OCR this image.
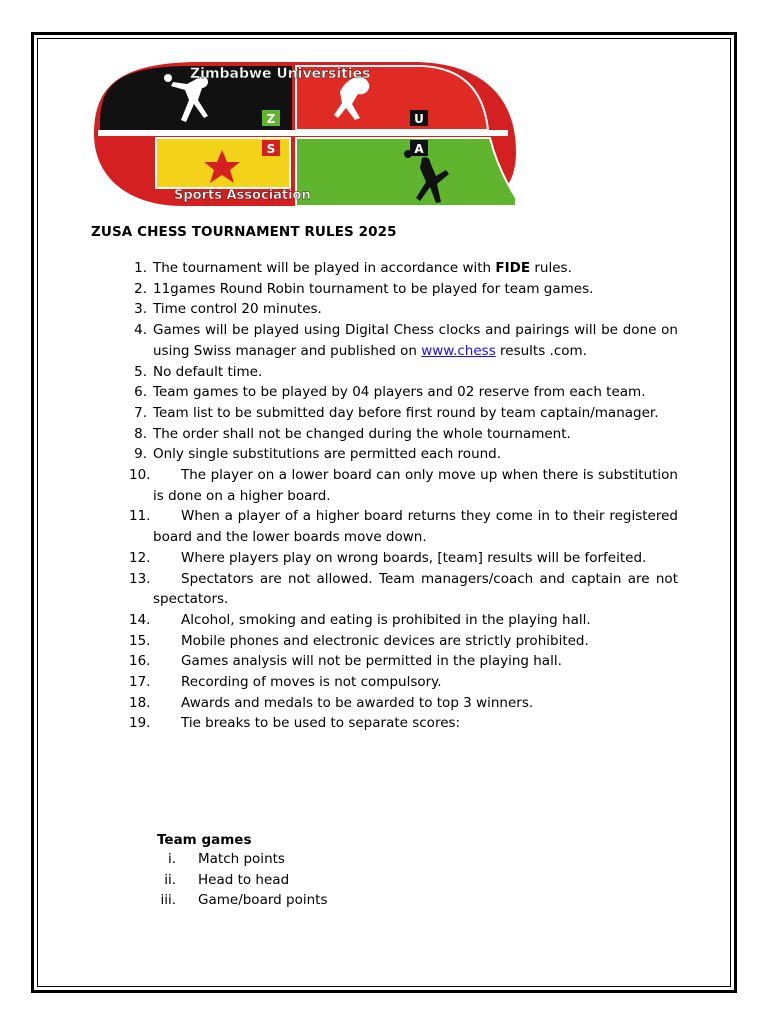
Z	U
S	A
Zimbabwe Universities
Sports Association
ZUSA CHESS TOURNAMENT RULES 2025
1. The tournament will be played in accordance with FIDE rules.
2. 11games Round Robin tournament to be played for team games.
3. Time control 20 minutes.
4. Games will be played using Digital Chess clocks and pairings will be done on using Swiss manager and published on www.chess results .com.
5. No default time.
6. Team games to be played by 04 players and 02 reserve from each team.
7. Team list to be submitted day before first round by team captain/manager.
8. The order shall not be changed during the whole tournament.
9. Only single substitutions are permitted each round.
10.	The player on a lower board can only move up when there is substitution is done on a higher board.
11.	When a player of a higher board returns they come in to their registered board and the lower boards move down.
12.	Where players play on wrong boards, [team] results will be forfeited.
13.	Spectators are not allowed. Team managers/coach and captain are not spectators.
14.	Alcohol, smoking and eating is prohibited in the playing hall.
15.	Mobile phones and electronic devices are strictly prohibited.
16.	Games analysis will not be permitted in the playing hall.
17.	Recording of moves is not compulsory.
18.	Awards and medals to be awarded to top 3 winners.
19.	Tie breaks to be used to separate scores:
Team games
i. Match points
ii. Head to head
iii. Game/board points
